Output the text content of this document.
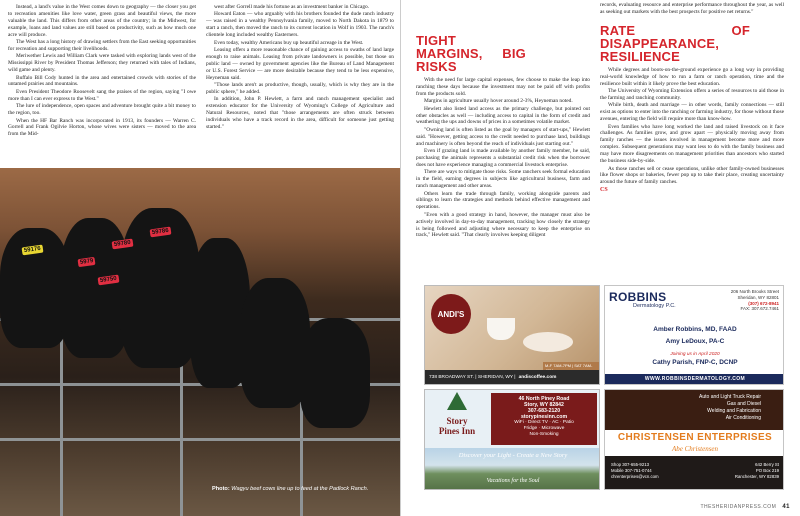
Instead, a land's value in the West comes down to geography — the closer you get to recreation amenities like love water, green grass and beautiful views, the more valuable the land. This differs from other areas of the country; in the Midwest, for example, loans and land values are still based on productivity, such as how much one acre will produce.

The West has a long history of drawing settlers from the East seeking opportunities for recreation and supporting their livelihoods.

Meriwether Lewis and William Clark were tasked with exploring lands west of the Mississippi River by President Thomas Jefferson; they returned with tales of Indians, wild game and plenty.

Buffalo Bill Cody hunted in the area and entertained crowds with stories of the untamed prairies and mountains.

Even President Theodore Roosevelt sang the praises of the region, saying "I owe more than I can ever express to the West."

The lure of independence, open spaces and adventure brought quite a bit money to the region, too.

When the HF Bar Ranch was incorporated in 1913, its founders — Warren C. Gorrell and Frank Ogilvie Horton, whose wives were sisters — moved to the area from the Mid-

west after Gorrell made his fortune as an investment banker in Chicago.

Howard Eaton — who arguably with his brothers founded the dude ranch industry — was raised in a wealthy Pennsylvania family, moved to North Dakota in 1879 to start a ranch, then moved the ranch to its current location in Wolf in 1903. The ranch's clientele long included wealthy Easterners.

Even today, wealthy Americans buy up beautiful acreage in the West.

Leasing offers a more reasonable chance of gaining access to swaths of land large enough to raise animals. Leasing from private landowners is possible, but those on public land — owned by government agencies like the Bureau of Land Management or U.S. Forest Service — are more desirable because they tend to be less expensive, Heyneman said.

"Those lands aren't as productive, though, usually, which is why they are in the public sphere," he added.

In addition, John P. Hewlett, a farm and ranch management specialist and extension educator for the University of Wyoming's College of Agriculture and Natural Resources, noted that "those arrangements are often struck between individuals who have a track record in the area, difficult for someone just getting started."

59176
5979
59750
59780
59786
Photo: Wagyu beef cows line up to feed at the Padlock Ranch.
TIGHT MARGINS, BIG RISKS

With the need for large capital expenses, few choose to make the leap into ranching these days because the investment may not be paid off with profits from the products sold.

Margins in agriculture usually hover around 2-3%, Heyneman noted.

Hewlett also listed land access as the primary challenge, but pointed out other obstacles as well — including access to capital in the form of credit and weathering the ups and downs of prices in a sometimes volatile market.

"Owning land is often listed as the goal by managers of start-ups," Hewlett said. "However, getting access to the credit needed to purchase land, buildings and machinery is often beyond the reach of individuals just starting out."

Even if grazing land is made available by another family member, he said, purchasing the animals represents a substantial credit risk when the borrower does not have experience managing a commercial livestock enterprise.

There are ways to mitigate those risks. Some ranchers seek formal education in the field, earning degrees in subjects like agricultural business, farm and ranch management and other areas.

Others learn the trade through family, working alongside parents and siblings to learn the strategies and methods behind effective management and operations.

"Even with a good strategy in hand, however, the manager must also be actively involved in day-to-day management, tracking how closely the strategy is being followed and adjusting where necessary to keep the enterprise on track," Hewlett said. "That clearly involves keeping diligent

records, evaluating resource and enterprise performance throughout the year, as well as seeking out markets with the best prospects for positive net returns."

RATE OF DISAPPEARANCE, RESILIENCE

While degrees and boots-on-the-ground experience go a long way in providing real-world knowledge of how to run a farm or ranch operation, time and the resilience built within it likely prove the best education.

The University of Wyoming Extension offers a series of resources to aid those in the farming and ranching community.

While birth, death and marriage — in other words, family connections — still exist as options to enter into the ranching or farming industry, for those without those avenues, entering the field will require more than know-how.

Even families who have long worked the land and raised livestock on it face challenges. As families grow, and grow apart — physically moving away from family ranches — the issues involved in management become more and more complex. Subsequent generations may want less to do with the family business and may have more disagreements on management priorities than ancestors who started the business side-by-side.

As those ranches sell or cease operations, unlike other family-owned businesses like flower shops or bakeries, fewer pop up to take their place, creating uncertainty around the future of family ranches.

CS
ANDI'S
M-F 7AM-7PM | SAT 7AM-
738 BROADWAY ST. | SHERIDAN, WY | andiscoffee.com
ROBBINS
Dermatology P.C.
206 North Brooks Street
Sheridan, WY 82801
(307) 672-8941
FAX: 307.672.7461
Amber Robbins, MD, FAAD
Amy LeDoux, PA-C
Joining us in April 2020
Cathy Parish, FNP-C, DCNP
WWW.ROBBINSDERMATOLOGY.COM
Story
Pines Inn
46 North Piney Road
Story, WY 82842
307-683-2120
storypinesinn.com
WiFi · Direct TV · AC · Patio
Fridge · Microwave
Non-Smoking
Discover your Light - Create a New Story
Vacations for the Soul
Auto and Light Truck Repair
Gas and Diesel
Welding and Fabrication
Air Conditioning
CHRISTENSEN ENTERPRISES
Abe Christensen
Shop 307-655-9213
Mobile 307-751-0744
chrenterprises@vcn.com
642 Berry St
PO Box 219
Ranchester, WY 82839
THESHERIDANPRESS.COM 41
